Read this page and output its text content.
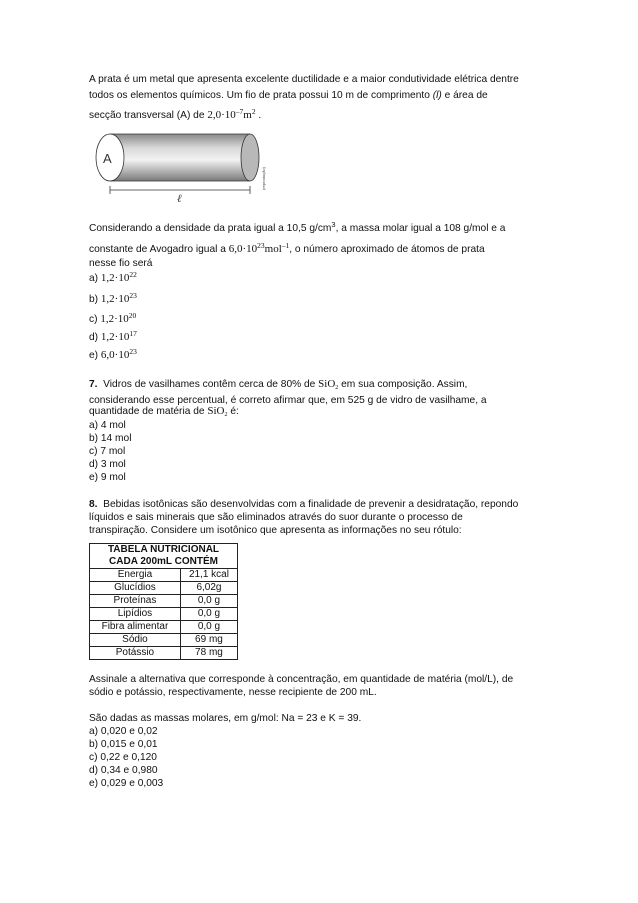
A prata é um metal que apresenta excelente ductilidade e a maior condutividade elétrica dentre

todos os elementos químicos. Um fio de prata possui 10 m de comprimento (l) e área de

secção transversal (A) de $2,0\cdot 10^{-7}m^2$ .

A
ℓ
(reprodução)

Considerando a densidade da prata igual a 10,5 $g/cm^3$, a massa molar igual a 108 g/mol e a

constante de Avogadro igual a $6,0\cdot 10^{23}mol^{-1}$, o número aproximado de átomos de prata

nesse fio será

a) $1,2\cdot 10^{22}$
b) $1,2\cdot 10^{23}$
c) $1,2\cdot 10^{20}$
d) $1,2\cdot 10^{17}$
e) $6,0\cdot 10^{23}$

7. Vidros de vasilhames contêm cerca de 80% de SiO$_2$ em sua composição. Assim,

considerando esse percentual, é correto afirmar que, em 525 g de vidro de vasilhame, a

quantidade de matéria de SiO$_2$ é:

a) 4 mol
b) 14 mol
c) 7 mol
d) 3 mol
e) 9 mol

8. Bebidas isotônicas são desenvolvidas com a finalidade de prevenir a desidratação, repondo

líquidos e sais minerais que são eliminados através do suor durante o processo de

transpiração. Considere um isotônico que apresenta as informações no seu rótulo:

TABELA NUTRICIONAL	
CADA 200mL CONTÉM	
Energia	21,1 kcal
Glucídios	6,02g
Proteínas	0,0 g
Lipídios	0,0 g
Fibra alimentar	0,0 g
Sódio	69 mg
Potássio	78 mg

Assinale a alternativa que corresponde à concentração, em quantidade de matéria (mol/L), de

sódio e potássio, respectivamente, nesse recipiente de 200 mL.

São dadas as massas molares, em g/mol: Na = 23 e K = 39.

a) 0,020 e 0,02
b) 0,015 e 0,01
c) 0,22 e 0,120
d) 0,34 e 0,980
e) 0,029 e 0,003
